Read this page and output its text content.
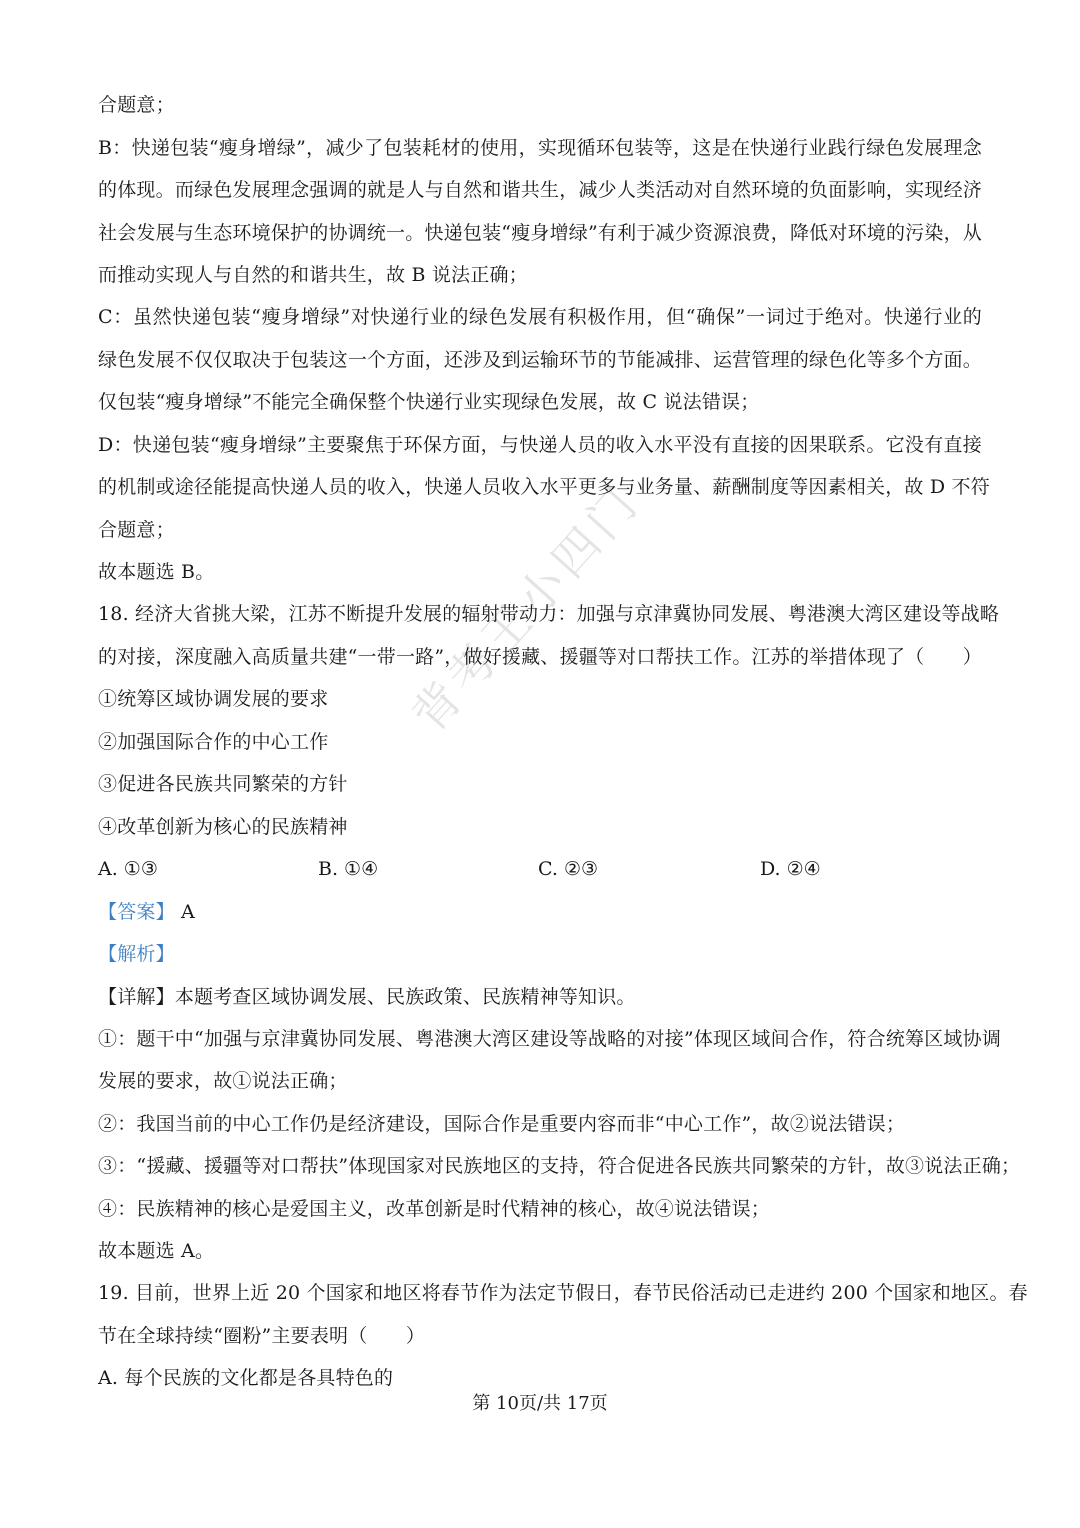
背考王小四门
合题意；
B：快递包装“瘦身增绿”，减少了包装耗材的使用，实现循环包装等，这是在快递行业践行绿色发展理念
的体现。而绿色发展理念强调的就是人与自然和谐共生，减少人类活动对自然环境的负面影响，实现经济
社会发展与生态环境保护的协调统一。快递包装“瘦身增绿”有利于减少资源浪费，降低对环境的污染，从
而推动实现人与自然的和谐共生，故 B 说法正确；
C：虽然快递包装“瘦身增绿”对快递行业的绿色发展有积极作用，但“确保”一词过于绝对。快递行业的
绿色发展不仅仅取决于包装这一个方面，还涉及到运输环节的节能减排、运营管理的绿色化等多个方面。
仅包装“瘦身增绿”不能完全确保整个快递行业实现绿色发展，故 C 说法错误；
D：快递包装“瘦身增绿”主要聚焦于环保方面，与快递人员的收入水平没有直接的因果联系。它没有直接
的机制或途径能提高快递人员的收入，快递人员收入水平更多与业务量、薪酬制度等因素相关，故 D 不符
合题意；
故本题选 B。
18. 经济大省挑大梁，江苏不断提升发展的辐射带动力：加强与京津冀协同发展、粤港澳大湾区建设等战略
的对接，深度融入高质量共建“一带一路”，做好援藏、援疆等对口帮扶工作。江苏的举措体现了（　　）
①统筹区域协调发展的要求
②加强国际合作的中心工作
③促进各民族共同繁荣的方针
④改革创新为核心的民族精神
A. ①③	B. ①④	C. ②③	D. ②④
【答案】 A
【解析】
【详解】本题考查区域协调发展、民族政策、民族精神等知识。
①：题干中“加强与京津冀协同发展、粤港澳大湾区建设等战略的对接”体现区域间合作，符合统筹区域协调
发展的要求，故①说法正确；
②：我国当前的中心工作仍是经济建设，国际合作是重要内容而非“中心工作”，故②说法错误；
③：“援藏、援疆等对口帮扶”体现国家对民族地区的支持，符合促进各民族共同繁荣的方针，故③说法正确；
④：民族精神的核心是爱国主义，改革创新是时代精神的核心，故④说法错误；
故本题选 A。
19. 目前，世界上近 20 个国家和地区将春节作为法定节假日，春节民俗活动已走进约 200 个国家和地区。春
节在全球持续“圈粉”主要表明（　　）
A. 每个民族的文化都是各具特色的
第 10页/共 17页
